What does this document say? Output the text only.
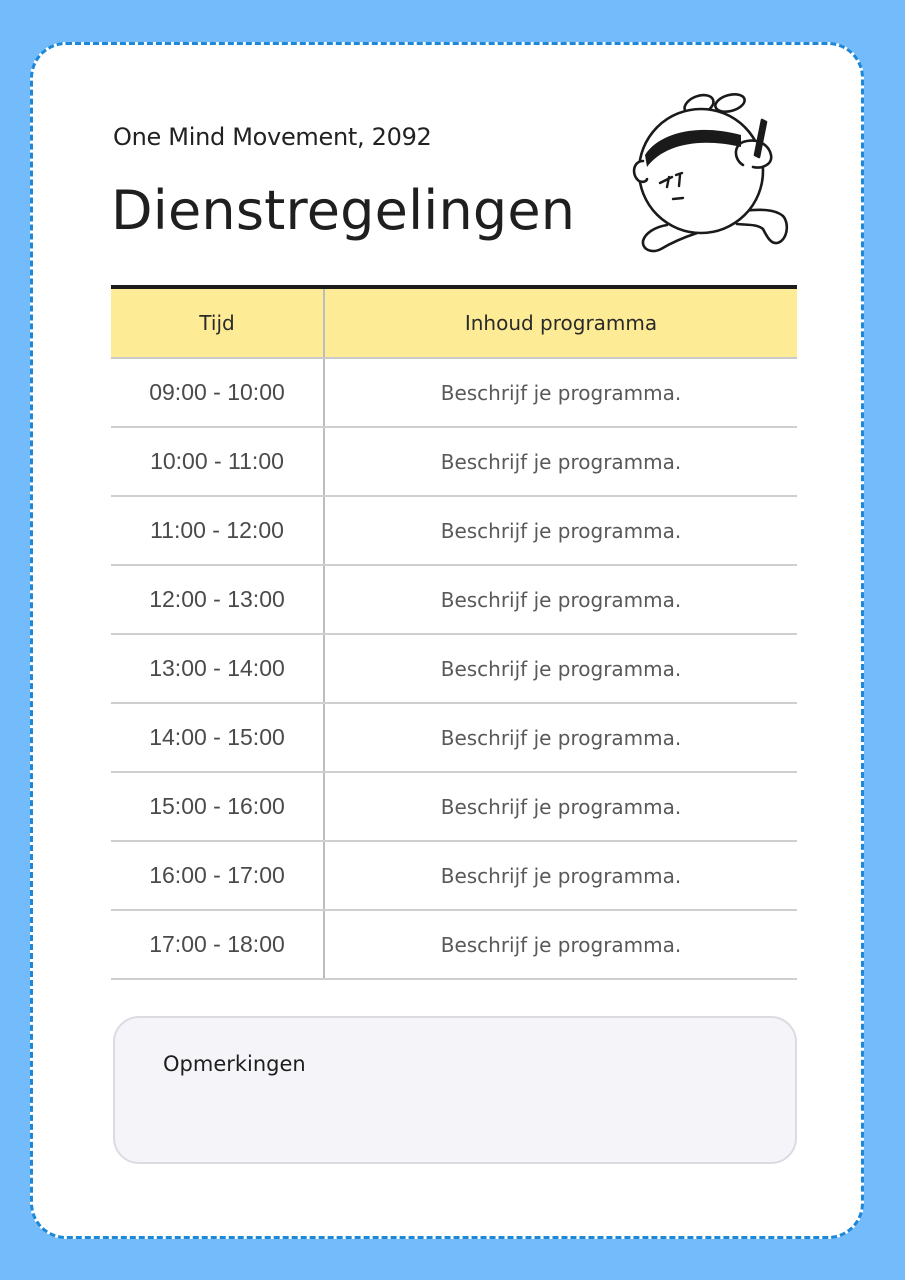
One Mind Movement, 2092
Dienstregelingen
Tijd	Inhoud programma
09:00 - 10:00	Beschrijf je programma.
10:00 - 11:00	Beschrijf je programma.
11:00 - 12:00	Beschrijf je programma.
12:00 - 13:00	Beschrijf je programma.
13:00 - 14:00	Beschrijf je programma.
14:00 - 15:00	Beschrijf je programma.
15:00 - 16:00	Beschrijf je programma.
16:00 - 17:00	Beschrijf je programma.
17:00 - 18:00	Beschrijf je programma.
Opmerkingen
